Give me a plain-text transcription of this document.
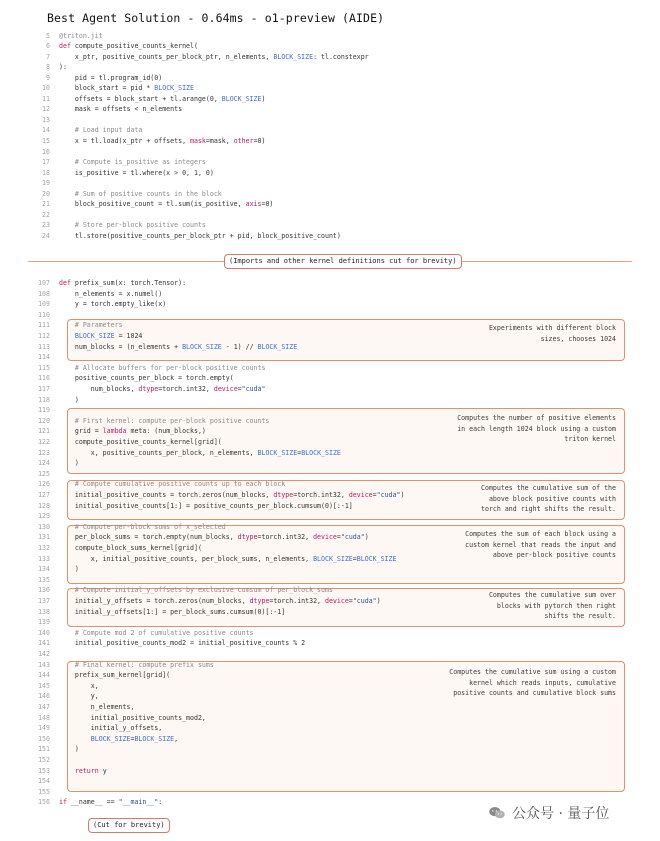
Best Agent Solution - 0.64ms - o1-preview (AIDE)
5 @triton.jit
6 def compute_positive_counts_kernel(
7 x_ptr, positive_counts_per_block_ptr, n_elements, BLOCK_SIZE: tl.constexpr
8 ):
9 pid = tl.program_id(0)
10 block_start = pid * BLOCK_SIZE
11 offsets = block_start + tl.arange(0, BLOCK_SIZE)
12 mask = offsets < n_elements
13
14 # Load input data
15 x = tl.load(x_ptr + offsets, mask=mask, other=0)
16
17 # Compute is_positive as integers
18 is_positive = tl.where(x > 0, 1, 0)
19
20 # Sum of positive counts in the block
21 block_positive_count = tl.sum(is_positive, axis=0)
22
23 # Store per-block positive counts
24 tl.store(positive_counts_per_block_ptr + pid, block_positive_count)
107 def prefix_sum(x: torch.Tensor):
108 n_elements = x.numel()
109 y = torch.empty_like(x)
110
111 # Parameters
112	BLOCK_SIZE = 1024
113 num_blocks = (n_elements + BLOCK_SIZE - 1) // BLOCK_SIZE
114
115 # Allocate buffers for per-block positive counts
116 positive_counts_per_block = torch.empty(
117 num_blocks, dtype=torch.int32, device="cuda"
118 )
119
120 # First kernel: compute per-block positive counts
121 grid = lambda meta: (num_blocks,)
122 compute_positive_counts_kernel[grid](
123 x, positive_counts_per_block, n_elements, BLOCK_SIZE=BLOCK_SIZE
124 )
125
126 # Compute cumulative positive counts up to each block
127 initial_positive_counts = torch.zeros(num_blocks, dtype=torch.int32, device="cuda")
128 initial_positive_counts[1:] = positive_counts_per_block.cumsum(0)[:-1]
129
130 # Compute per-block sums of x_selected
131 per_block_sums = torch.empty(num_blocks, dtype=torch.int32, device="cuda")
132 compute_block_sums_kernel[grid](
133 x, initial_positive_counts, per_block_sums, n_elements, BLOCK_SIZE=BLOCK_SIZE
134 )
135
136 # Compute initial_y_offsets by exclusive cumsum of per_block_sums
137 initial_y_offsets = torch.zeros(num_blocks, dtype=torch.int32, device="cuda")
138 initial_y_offsets[1:] = per_block_sums.cumsum(0)[:-1]
139
140 # Compute mod 2 of cumulative positive counts
141 initial_positive_counts_mod2 = initial_positive_counts % 2
142
143 # Final kernel: compute prefix sums
144 prefix_sum_kernel[grid](
145 x,
146 y,
147 n_elements,
148 initial_positive_counts_mod2,
149 initial_y_offsets,
150	BLOCK_SIZE=BLOCK_SIZE,
151 )
152
153	return y
154
155
156 if __name__ == "__main__":
(Imports and other kernel definitions cut for brevity)
(Cut for brevity)
公众号 · 量子位
Experiments with different block
sizes, chooses 1024
Computes the number of positive elements
in each length 1024 block using a custom
triton kernel
Computes the cumulative sum of the
above block positive counts with
torch and right shifts the result.
Computes the sum of each block using a
custom kernel that reads the input and
above per-block positive counts
Computes the cumulative sum over
blocks with pytorch then right
shifts the result.
Computes the cumulative sum using a custom
kernel which reads inputs, cumulative
positive counts and cumulative block sums
